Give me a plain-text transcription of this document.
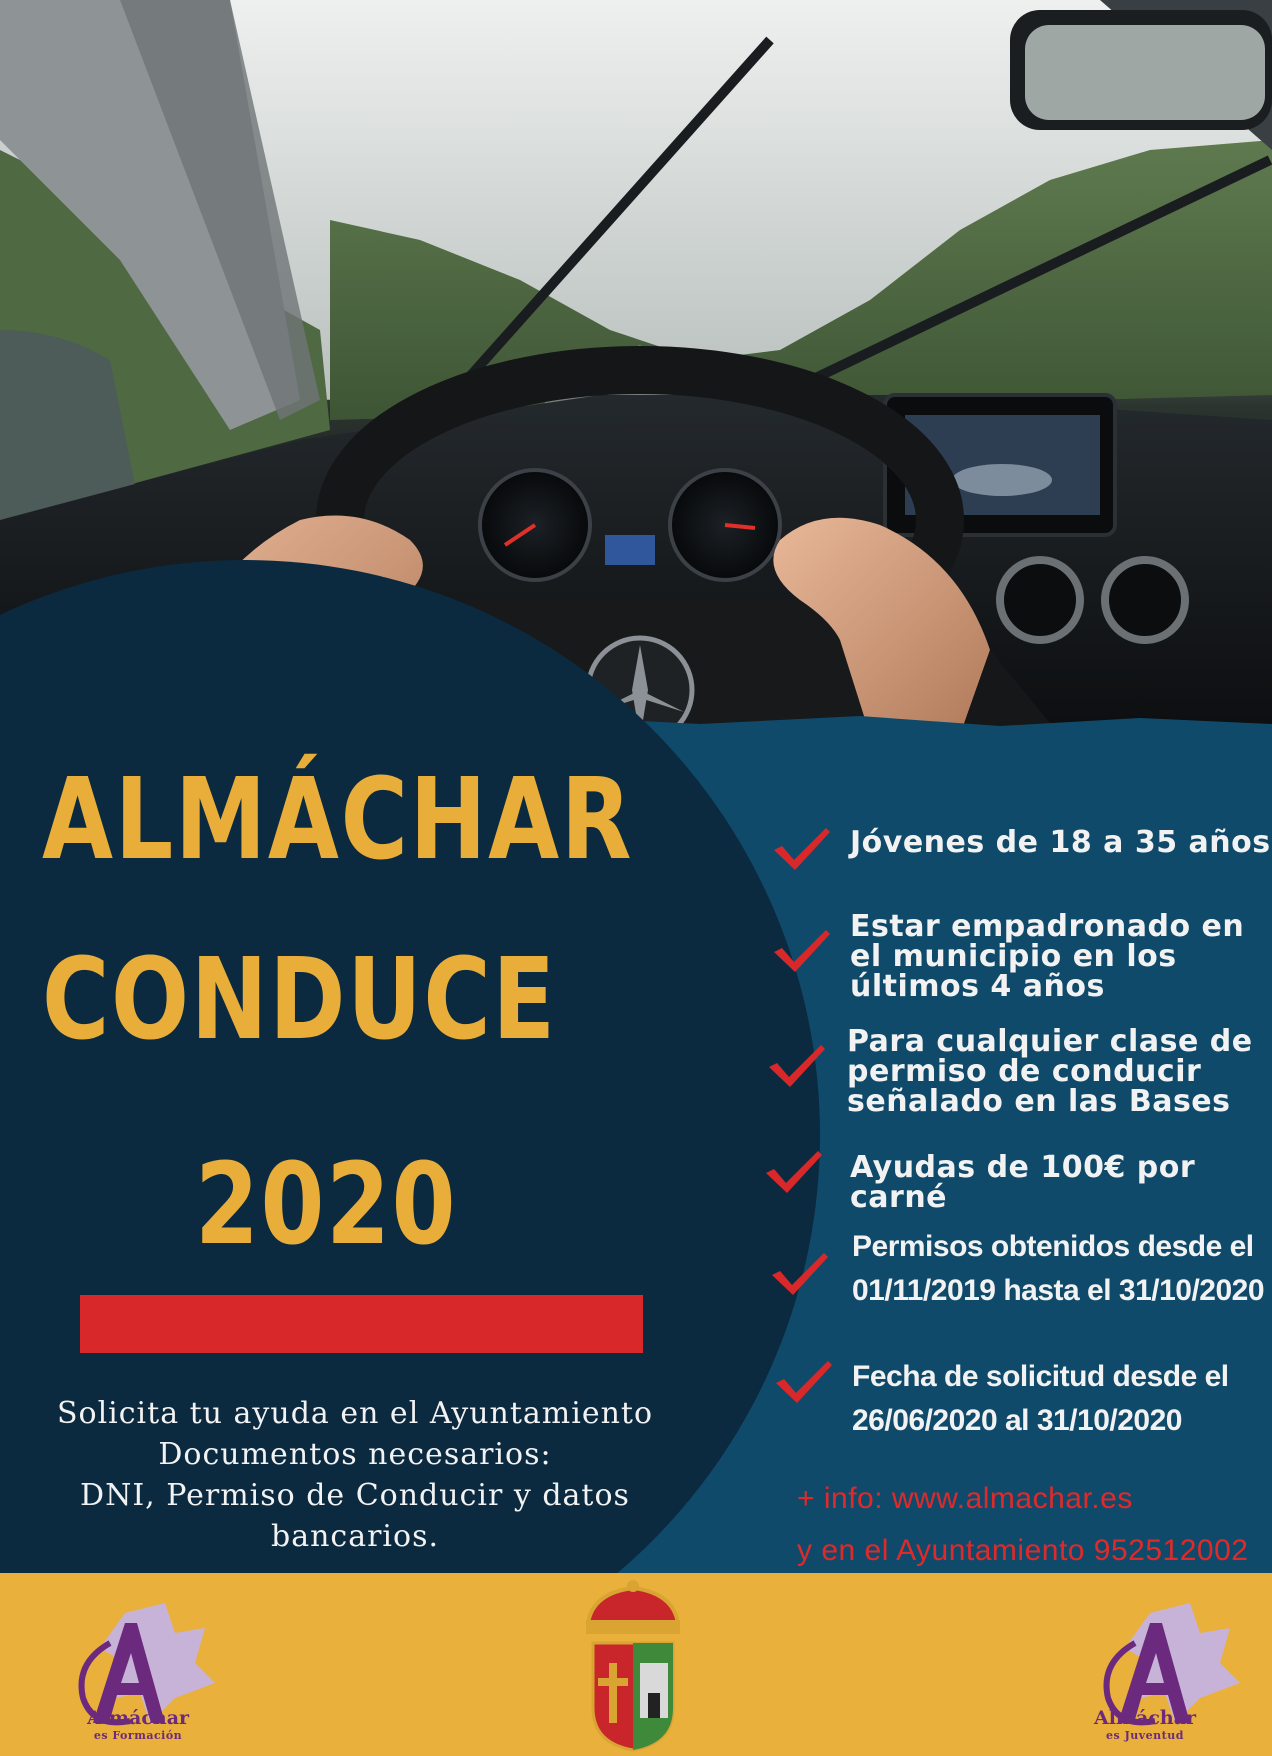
ALMÁCHAR
CONDUCE
2020
Solicita tu ayuda en el Ayuntamiento
Documentos necesarios:
DNI, Permiso de Conducir y datos
bancarios.
Jóvenes de 18 a 35 años
Estar empadronado en
el municipio en los
últimos 4 años
Para cualquier clase de
permiso de conducir
señalado en las Bases
Ayudas de 100€ por carné
Permisos obtenidos desde el
01/11/2019 hasta el 31/10/2020
Fecha de solicitud desde el
26/06/2020 al 31/10/2020
+ info: www.almachar.es
y en el Ayuntamiento 952512002
Almáchar
es Formación
Almáchar
es Juventud
